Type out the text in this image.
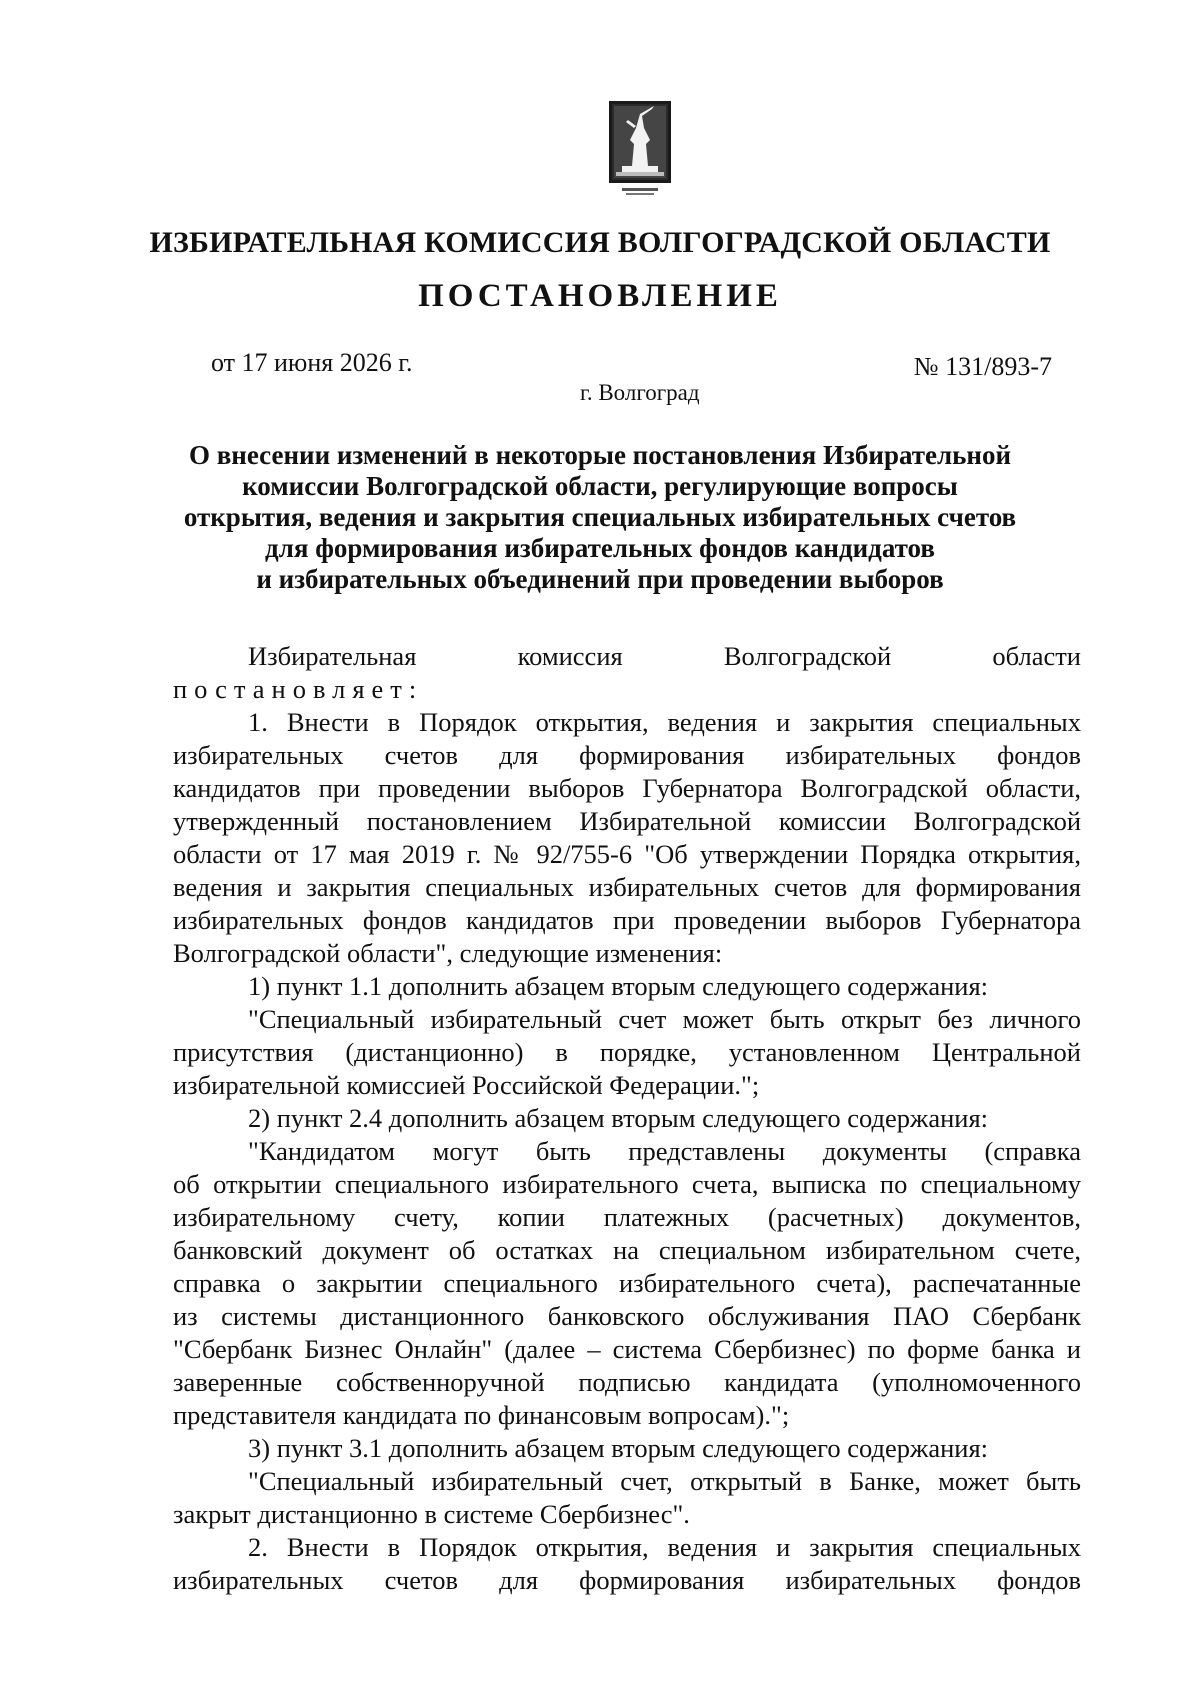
ИЗБИРАТЕЛЬНАЯ КОМИССИЯ ВОЛГОГРАДСКОЙ ОБЛАСТИ
ПОСТАНОВЛЕНИЕ
от 17 июня 2026 г.	№ 131/893-7
г. Волгоград
О внесении изменений в некоторые постановления Избирательной
комиссии Волгоградской области, регулирующие вопросы
открытия, ведения и закрытия специальных избирательных счетов
для формирования избирательных фондов кандидатов
и избирательных объединений при проведении выборов
Избирательная комиссия Волгоградской области
постановляет:
1. Внести в Порядок открытия, ведения и закрытия специальных
избирательных счетов для формирования избирательных фондов
кандидатов при проведении выборов Губернатора Волгоградской области,
утвержденный постановлением Избирательной комиссии Волгоградской
области от 17 мая 2019 г. № 92/755-6 "Об утверждении Порядка открытия,
ведения и закрытия специальных избирательных счетов для формирования
избирательных фондов кандидатов при проведении выборов Губернатора
Волгоградской области", следующие изменения:
1) пункт 1.1 дополнить абзацем вторым следующего содержания:
"Специальный избирательный счет может быть открыт без личного
присутствия (дистанционно) в порядке, установленном Центральной
избирательной комиссией Российской Федерации.";
2) пункт 2.4 дополнить абзацем вторым следующего содержания:
"Кандидатом могут быть представлены документы (справка
об открытии специального избирательного счета, выписка по специальному
избирательному счету, копии платежных (расчетных) документов,
банковский документ об остатках на специальном избирательном счете,
справка о закрытии специального избирательного счета), распечатанные
из системы дистанционного банковского обслуживания ПАО Сбербанк
"Сбербанк Бизнес Онлайн" (далее – система Сбербизнес) по форме банка и
заверенные собственноручной подписью кандидата (уполномоченного
представителя кандидата по финансовым вопросам).";
3) пункт 3.1 дополнить абзацем вторым следующего содержания:
"Специальный избирательный счет, открытый в Банке, может быть
закрыт дистанционно в системе Сбербизнес".
2. Внести в Порядок открытия, ведения и закрытия специальных
избирательных счетов для формирования избирательных фондов
